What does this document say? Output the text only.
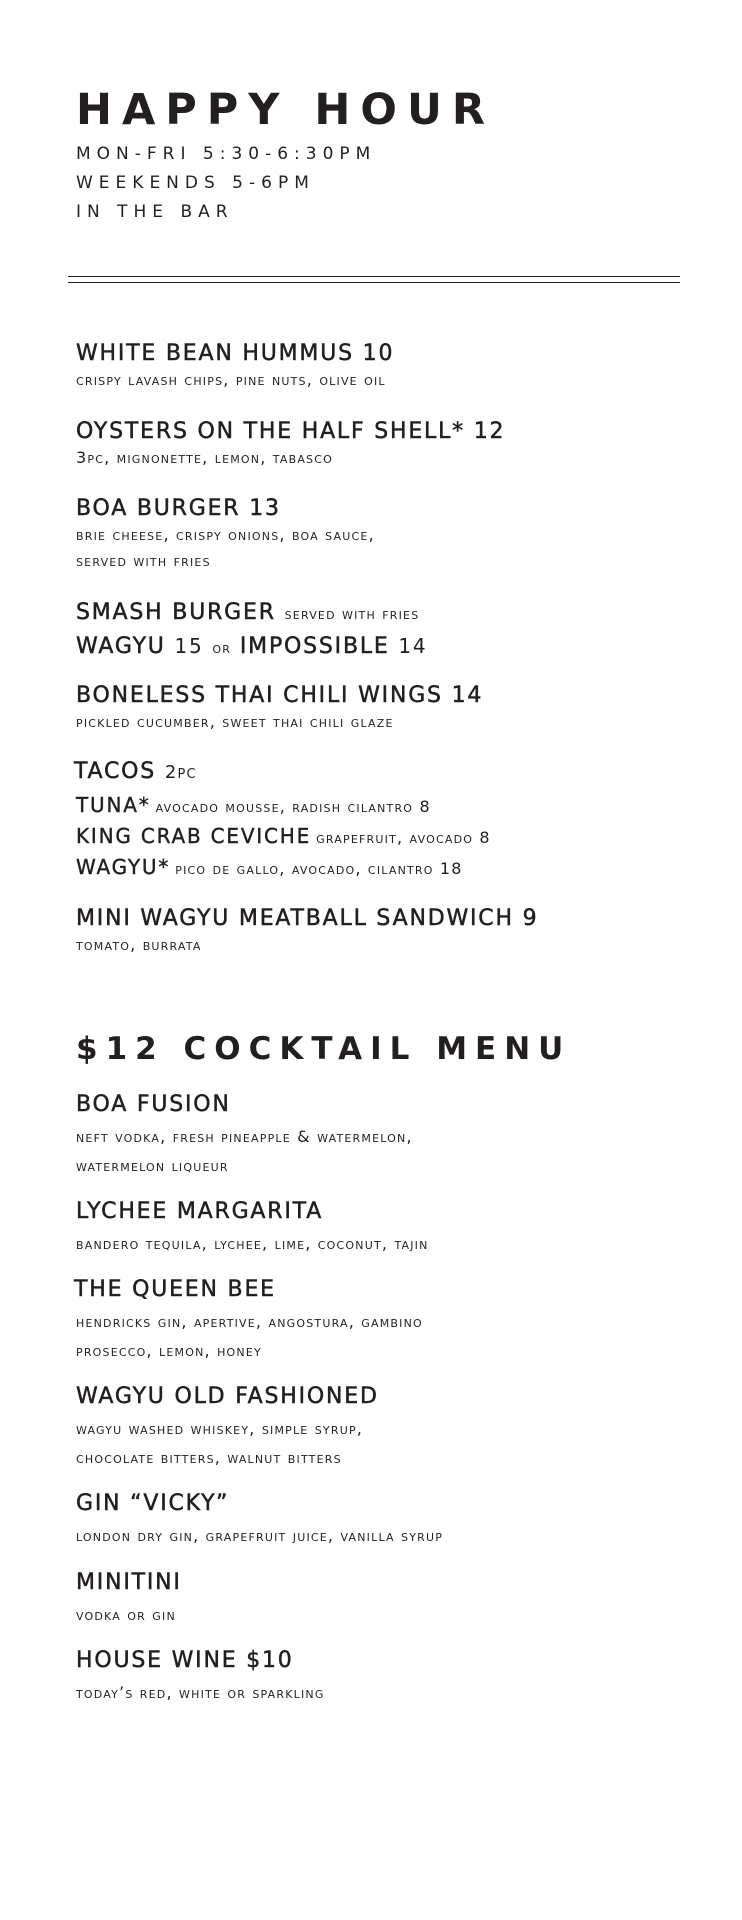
HAPPY HOUR
MON-FRI 5:30-6:30PM
WEEKENDS 5-6PM
IN THE BAR
WHITE BEAN HUMMUS 10
crispy lavash chips, pine nuts, olive oil
OYSTERS ON THE HALF SHELL* 12
3pc, mignonette, lemon, tabasco
BOA BURGER 13
brie cheese, crispy onions, boa sauce,
served with fries
SMASH BURGER served with fries
WAGYU 15 or IMPOSSIBLE 14
BONELESS THAI CHILI WINGS 14
pickled cucumber, sweet thai chili glaze
TACOS 2pc
TUNA* avocado mousse, radish cilantro 8
KING CRAB CEVICHE grapefruit, avocado 8
WAGYU* pico de gallo, avocado, cilantro 18
MINI WAGYU MEATBALL SANDWICH 9
tomato, burrata
$12 COCKTAIL MENU
BOA FUSION
neft vodka, fresh pineapple & watermelon,
watermelon liqueur
LYCHEE MARGARITA
bandero tequila, lychee, lime, coconut, tajin
THE QUEEN BEE
hendricks gin, apertive, angostura, gambino
prosecco, lemon, honey
WAGYU OLD FASHIONED
wagyu washed whiskey, simple syrup,
chocolate bitters, walnut bitters
GIN “VICKY”
london dry gin, grapefruit juice, vanilla syrup
MINITINI
vodka or gin
HOUSE WINE $10
today’s red, white or sparkling
